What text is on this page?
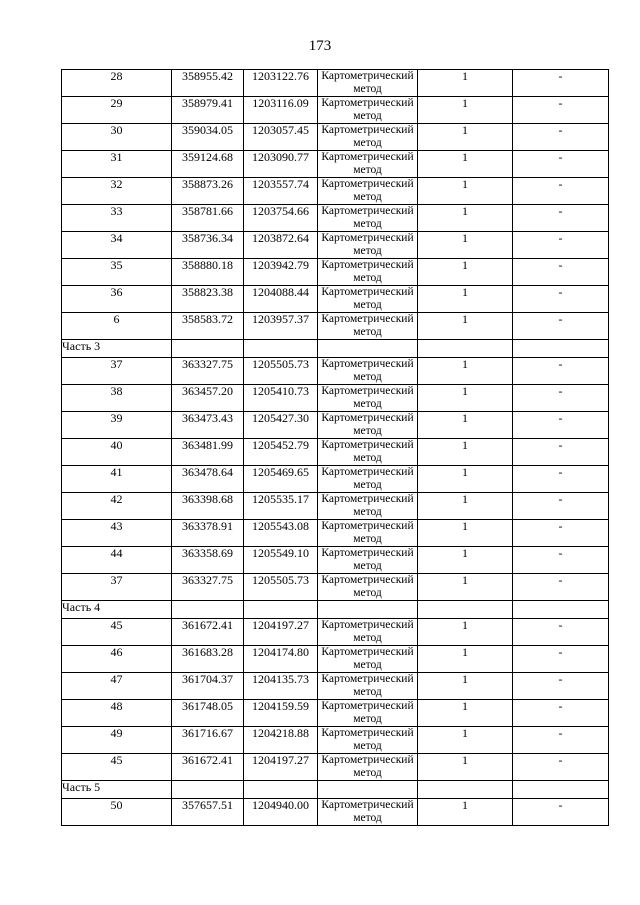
173
28	358955.42	1203122.76	Картометрический метод	1	-
29	358979.41	1203116.09	Картометрический метод	1	-
30	359034.05	1203057.45	Картометрический метод	1	-
31	359124.68	1203090.77	Картометрический метод	1	-
32	358873.26	1203557.74	Картометрический метод	1	-
33	358781.66	1203754.66	Картометрический метод	1	-
34	358736.34	1203872.64	Картометрический метод	1	-
35	358880.18	1203942.79	Картометрический метод	1	-
36	358823.38	1204088.44	Картометрический метод	1	-
6	358583.72	1203957.37	Картометрический метод	1	-
Часть 3					
37	363327.75	1205505.73	Картометрический метод	1	-
38	363457.20	1205410.73	Картометрический метод	1	-
39	363473.43	1205427.30	Картометрический метод	1	-
40	363481.99	1205452.79	Картометрический метод	1	-
41	363478.64	1205469.65	Картометрический метод	1	-
42	363398.68	1205535.17	Картометрический метод	1	-
43	363378.91	1205543.08	Картометрический метод	1	-
44	363358.69	1205549.10	Картометрический метод	1	-
37	363327.75	1205505.73	Картометрический метод	1	-
Часть 4					
45	361672.41	1204197.27	Картометрический метод	1	-
46	361683.28	1204174.80	Картометрический метод	1	-
47	361704.37	1204135.73	Картометрический метод	1	-
48	361748.05	1204159.59	Картометрический метод	1	-
49	361716.67	1204218.88	Картометрический метод	1	-
45	361672.41	1204197.27	Картометрический метод	1	-
Часть 5					
50	357657.51	1204940.00	Картометрический метод	1	-
